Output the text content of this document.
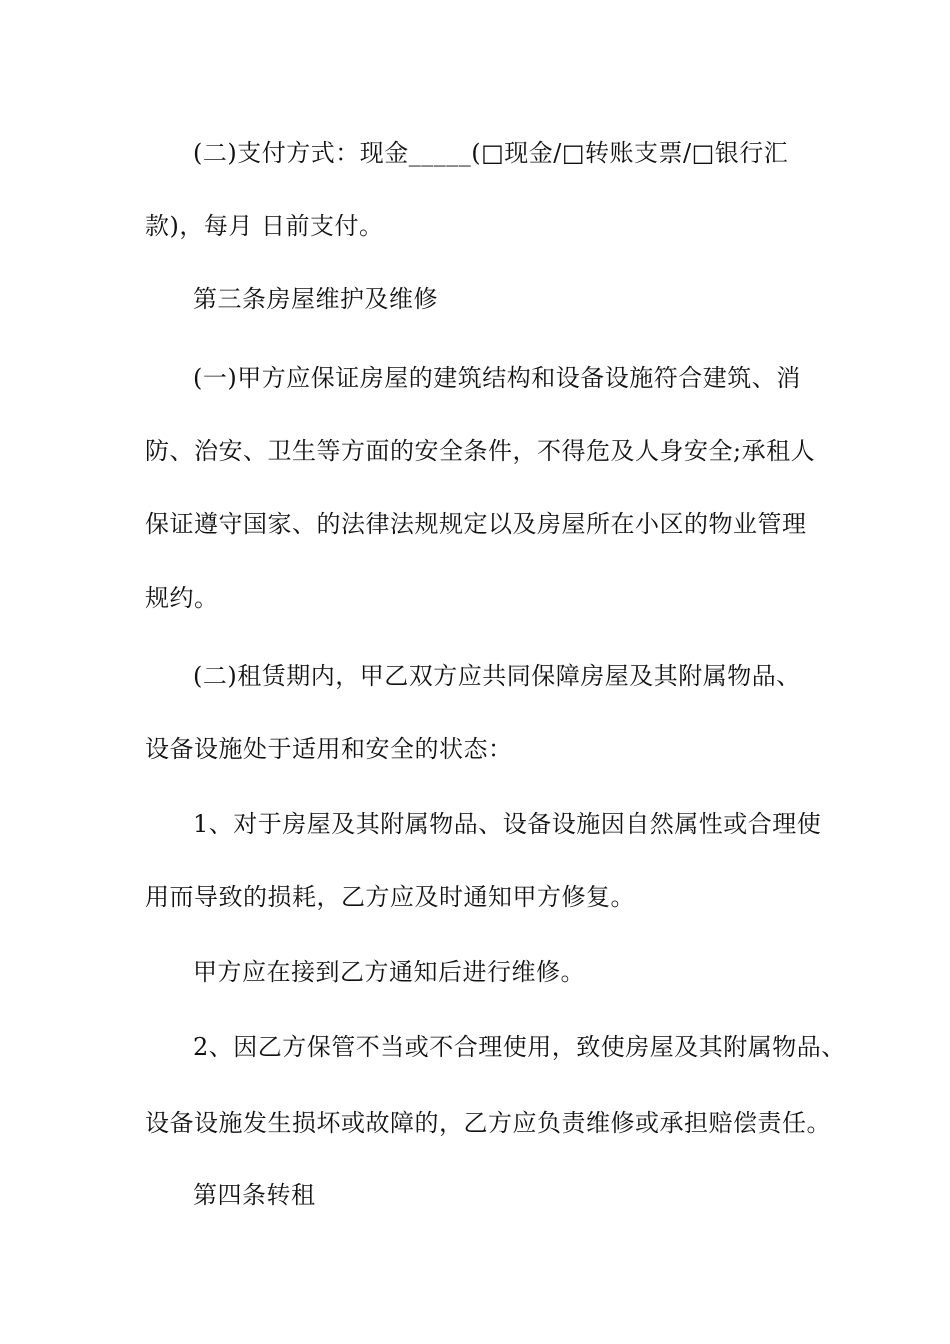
(二)支付方式：现金_____(□现金/□转账支票/□银行汇
款)，每月 日前支付。
第三条房屋维护及维修
(一)甲方应保证房屋的建筑结构和设备设施符合建筑、消
防、治安、卫生等方面的安全条件，不得危及人身安全;承租人
保证遵守国家、的法律法规规定以及房屋所在小区的物业管理
规约。
(二)租赁期内，甲乙双方应共同保障房屋及其附属物品、
设备设施处于适用和安全的状态：
1、对于房屋及其附属物品、设备设施因自然属性或合理使
用而导致的损耗，乙方应及时通知甲方修复。
甲方应在接到乙方通知后进行维修。
2、因乙方保管不当或不合理使用，致使房屋及其附属物品、
设备设施发生损坏或故障的，乙方应负责维修或承担赔偿责任。
第四条转租
